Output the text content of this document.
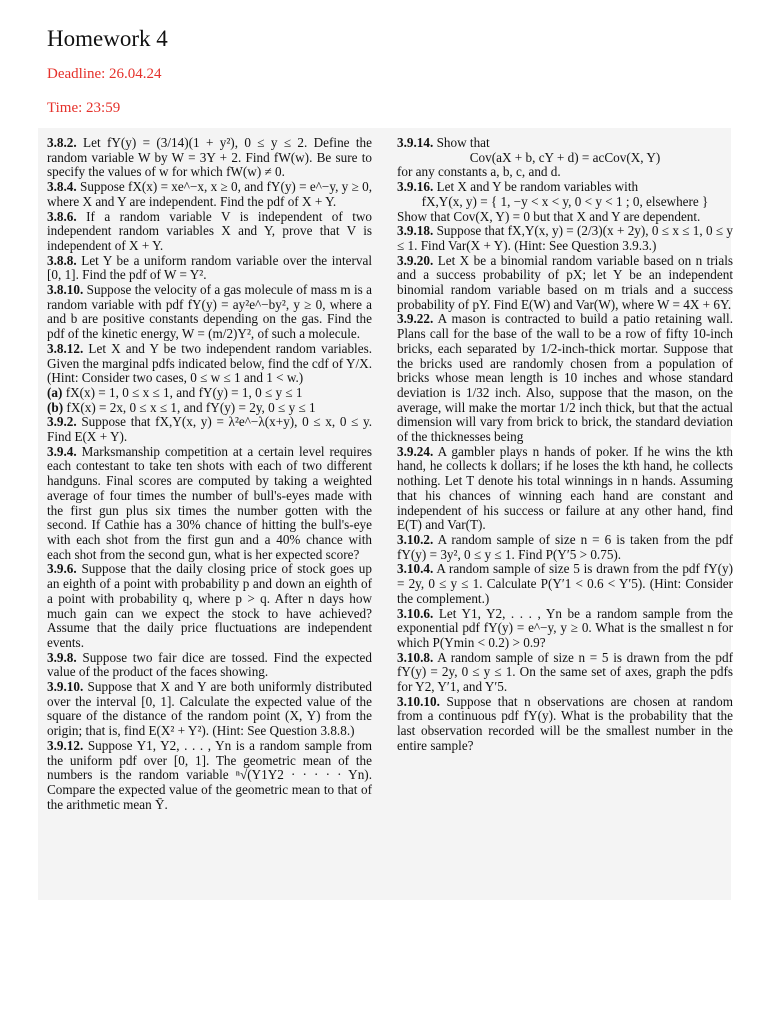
Homework 4
Deadline: 26.04.24
Time: 23:59

3.8.2. Let fY(y) = (3/14)(1 + y²), 0 ≤ y ≤ 2. Define the random variable W by W = 3Y + 2. Find fW(w). Be sure to specify the values of w for which fW(w) ≠ 0.

3.8.4. Suppose fX(x) = xe^−x, x ≥ 0, and fY(y) = e^−y, y ≥ 0, where X and Y are independent. Find the pdf of X + Y.

3.8.6. If a random variable V is independent of two independent random variables X and Y, prove that V is independent of X + Y.

3.8.8. Let Y be a uniform random variable over the interval [0, 1]. Find the pdf of W = Y².

3.8.10. Suppose the velocity of a gas molecule of mass m is a random variable with pdf fY(y) = ay²e^−by², y ≥ 0, where a and b are positive constants depending on the gas. Find the pdf of the kinetic energy, W = (m/2)Y², of such a molecule.

3.8.12. Let X and Y be two independent random variables. Given the marginal pdfs indicated below, find the cdf of Y/X. (Hint: Consider two cases, 0 ≤ w ≤ 1 and 1 < w.)

(a) fX(x) = 1, 0 ≤ x ≤ 1, and fY(y) = 1, 0 ≤ y ≤ 1

(b) fX(x) = 2x, 0 ≤ x ≤ 1, and fY(y) = 2y, 0 ≤ y ≤ 1

3.9.2. Suppose that fX,Y(x, y) = λ²e^−λ(x+y), 0 ≤ x, 0 ≤ y. Find E(X + Y).

3.9.4. Marksmanship competition at a certain level requires each contestant to take ten shots with each of two different handguns. Final scores are computed by taking a weighted average of four times the number of bull's-eyes made with the first gun plus six times the number gotten with the second. If Cathie has a 30% chance of hitting the bull's-eye with each shot from the first gun and a 40% chance with each shot from the second gun, what is her expected score?

3.9.6. Suppose that the daily closing price of stock goes up an eighth of a point with probability p and down an eighth of a point with probability q, where p > q. After n days how much gain can we expect the stock to have achieved? Assume that the daily price fluctuations are independent events.

3.9.8. Suppose two fair dice are tossed. Find the expected value of the product of the faces showing.

3.9.10. Suppose that X and Y are both uniformly distributed over the interval [0, 1]. Calculate the expected value of the square of the distance of the random point (X, Y) from the origin; that is, find E(X² + Y²). (Hint: See Question 3.8.8.)

3.9.12. Suppose Y1, Y2, . . . , Yn is a random sample from the uniform pdf over [0, 1]. The geometric mean of the numbers is the random variable ⁿ√(Y1Y2 · · · · · Yn). Compare the expected value of the geometric mean to that of the arithmetic mean Ȳ.

3.9.14. Show that

Cov(aX + b, cY + d) = acCov(X, Y)

for any constants a, b, c, and d.

3.9.16. Let X and Y be random variables with

fX,Y(x, y) = { 1, −y < x < y, 0 < y < 1 ; 0, elsewhere }

Show that Cov(X, Y) = 0 but that X and Y are dependent.

3.9.18. Suppose that fX,Y(x, y) = (2/3)(x + 2y), 0 ≤ x ≤ 1, 0 ≤ y ≤ 1. Find Var(X + Y). (Hint: See Question 3.9.3.)

3.9.20. Let X be a binomial random variable based on n trials and a success probability of pX; let Y be an independent binomial random variable based on m trials and a success probability of pY. Find E(W) and Var(W), where W = 4X + 6Y.

3.9.22. A mason is contracted to build a patio retaining wall. Plans call for the base of the wall to be a row of fifty 10-inch bricks, each separated by 1/2-inch-thick mortar. Suppose that the bricks used are randomly chosen from a population of bricks whose mean length is 10 inches and whose standard deviation is 1/32 inch. Also, suppose that the mason, on the average, will make the mortar 1/2 inch thick, but that the actual dimension will vary from brick to brick, the standard deviation of the thicknesses being

3.9.24. A gambler plays n hands of poker. If he wins the kth hand, he collects k dollars; if he loses the kth hand, he collects nothing. Let T denote his total winnings in n hands. Assuming that his chances of winning each hand are constant and independent of his success or failure at any other hand, find E(T) and Var(T).

3.10.2. A random sample of size n = 6 is taken from the pdf fY(y) = 3y², 0 ≤ y ≤ 1. Find P(Y′5 > 0.75).

3.10.4. A random sample of size 5 is drawn from the pdf fY(y) = 2y, 0 ≤ y ≤ 1. Calculate P(Y′1 < 0.6 < Y′5). (Hint: Consider the complement.)

3.10.6. Let Y1, Y2, . . . , Yn be a random sample from the exponential pdf fY(y) = e^−y, y ≥ 0. What is the smallest n for which P(Ymin < 0.2) > 0.9?

3.10.8. A random sample of size n = 5 is drawn from the pdf fY(y) = 2y, 0 ≤ y ≤ 1. On the same set of axes, graph the pdfs for Y2, Y′1, and Y′5.

3.10.10. Suppose that n observations are chosen at random from a continuous pdf fY(y). What is the probability that the last observation recorded will be the smallest number in the entire sample?
